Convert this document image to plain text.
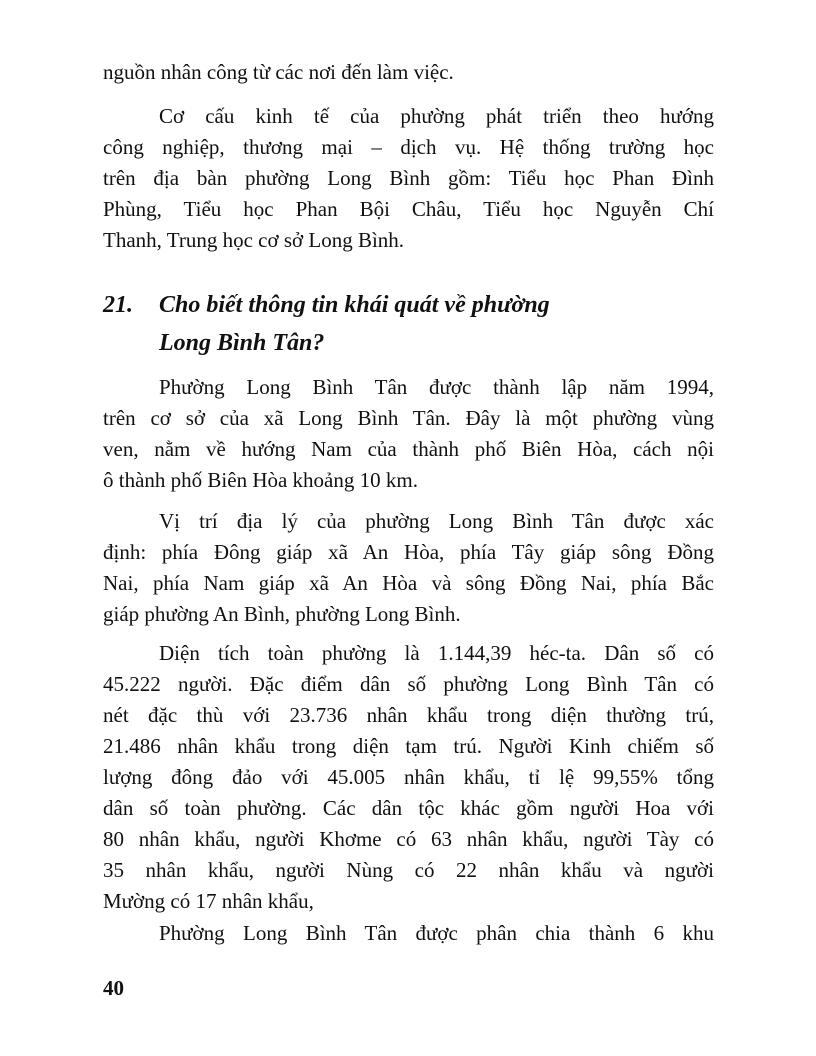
nguồn nhân công từ các nơi đến làm việc.
Cơ cấu kinh tế của phường phát triển theo hướng
công nghiệp, thương mại – dịch vụ. Hệ thống trường học
trên địa bàn phường Long Bình gồm: Tiểu học Phan Đình
Phùng, Tiểu học Phan Bội Châu, Tiểu học Nguyễn Chí
Thanh, Trung học cơ sở Long Bình.
21. Cho biết thông tin khái quát về phường
Long Bình Tân?
Phường Long Bình Tân được thành lập năm 1994,
trên cơ sở của xã Long Bình Tân. Đây là một phường vùng
ven, nằm về hướng Nam của thành phố Biên Hòa, cách nội
ô thành phố Biên Hòa khoảng 10 km.
Vị trí địa lý của phường Long Bình Tân được xác
định: phía Đông giáp xã An Hòa, phía Tây giáp sông Đồng
Nai, phía Nam giáp xã An Hòa và sông Đồng Nai, phía Bắc
giáp phường An Bình, phường Long Bình.
Diện tích toàn phường là 1.144,39 héc-ta. Dân số có
45.222 người. Đặc điểm dân số phường Long Bình Tân có
nét đặc thù với 23.736 nhân khẩu trong diện thường trú,
21.486 nhân khẩu trong diện tạm trú. Người Kinh chiếm số
lượng đông đảo với 45.005 nhân khẩu, tỉ lệ 99,55% tổng
dân số toàn phường. Các dân tộc khác gồm người Hoa với
80 nhân khẩu, người Khơme có 63 nhân khẩu, người Tày có
35 nhân khẩu, người Nùng có 22 nhân khẩu và người
Mường có 17 nhân khẩu,
Phường Long Bình Tân được phân chia thành 6 khu
40
